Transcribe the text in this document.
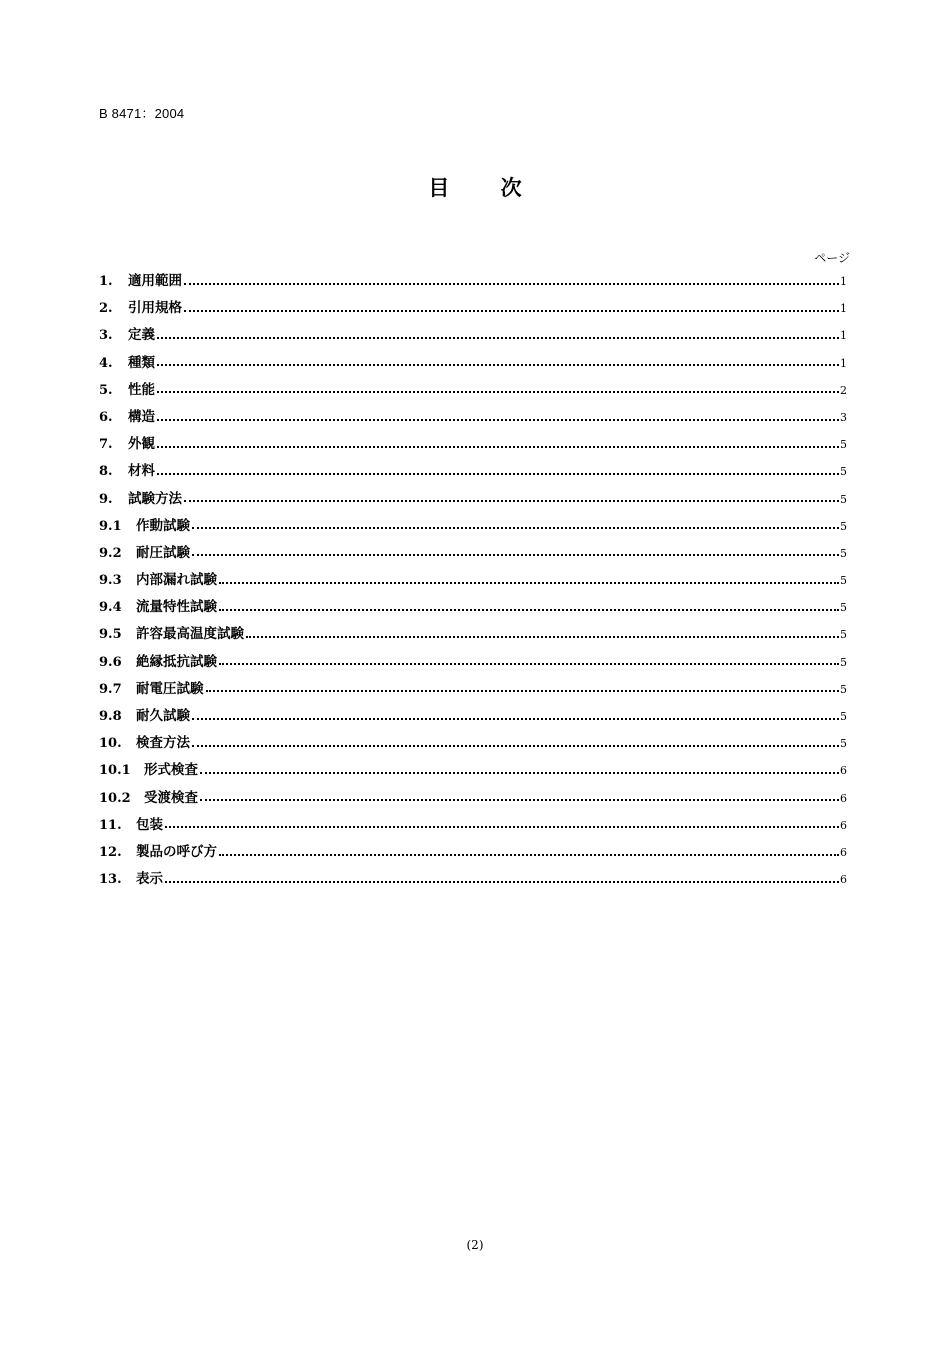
B 8471：2004
目 次
ページ
1.	適用範囲	1
2.	引用規格	1
3.	定義	1
4.	種類	1
5.	性能	2
6.	構造	3
7.	外観	5
8.	材料	5
9.	試験方法	5
9.1	作動試験	5
9.2	耐圧試験	5
9.3	内部漏れ試験	5
9.4	流量特性試験	5
9.5	許容最高温度試験	5
9.6	絶縁抵抗試験	5
9.7	耐電圧試験	5
9.8	耐久試験	5
10.	検査方法	5
10.1 形式検査	6
10.2 受渡検査	6
11.	包装	6
12.	製品の呼び方	6
13.	表示	6
(2)
